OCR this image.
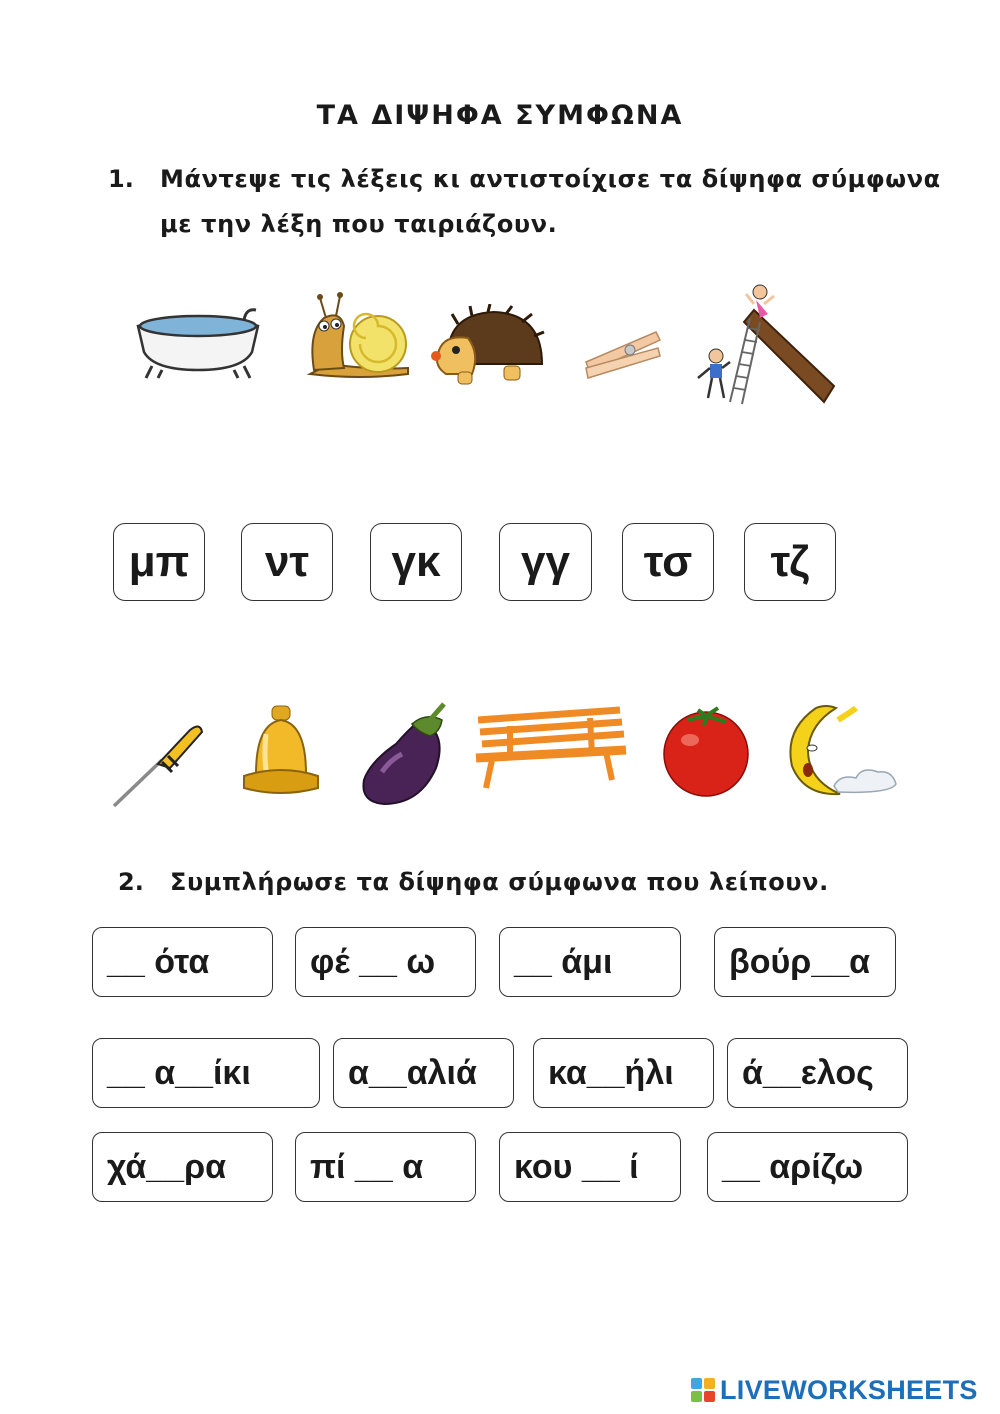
ΤΑ ΔΙΨΗΦΑ ΣΥΜΦΩΝΑ
1. Μάντεψε τις λέξεις κι αντιστοίχισε τα δίψηφα σύμφωνα
με την λέξη που ταιριάζουν.
μπ	ντ	γκ	γγ	τσ	τζ
2. Συμπλήρωσε τα δίψηφα σύμφωνα που λείπουν.
__ ότα	φέ __ ω	__ άμι	βούρ__α
__ α__ίκι	α__αλιά	κα__ήλι	ά__ελος
χά__ρα	πί __ α	κου __ ί	__ αρίζω
LIVEWORKSHEETS
